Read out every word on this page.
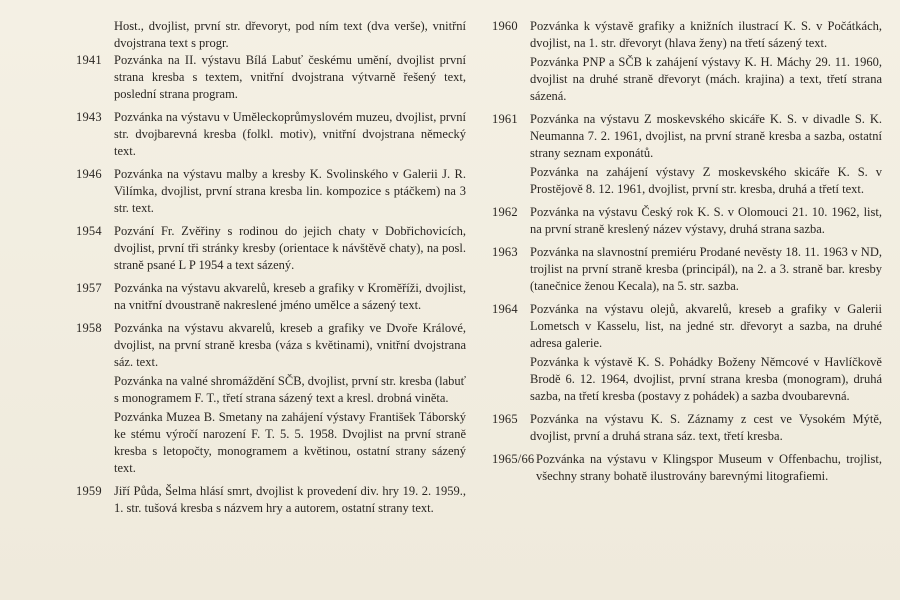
Host., dvojlist, první str. dřevoryt, pod ním text (dva verše), vnitřní dvojstrana text s progr.

1941 Pozvánka na II. výstavu Bílá Labuť českému umění, dvojlist první strana kresba s textem, vnitřní dvojstrana výtvarně řešený text, poslední strana program.

1943 Pozvánka na výstavu v Uměleckoprůmyslovém muzeu, dvojlist, první str. dvojbarevná kresba (folkl. motiv), vnitřní dvojstrana německý text.

1946 Pozvánka na výstavu malby a kresby K. Svolinského v Galerii J. R. Vilímka, dvojlist, první strana kresba lin. kompozice s ptáčkem) na 3 str. text.

1954 Pozvání Fr. Zvěřiny s rodinou do jejich chaty v Dobřichovicích, dvojlist, první tři stránky kresby (orientace k návštěvě chaty), na posl. straně psané L P 1954 a text sázený.

1957 Pozvánka na výstavu akvarelů, kreseb a grafiky v Kroměříži, dvojlist, na vnitřní dvoustraně nakreslené jméno umělce a sázený text.

1958 Pozvánka na výstavu akvarelů, kreseb a grafiky ve Dvoře Králové, dvojlist, na první straně kresba (váza s květinami), vnitřní dvojstrana sáz. text.

Pozvánka na valné shromáždění SČB, dvojlist, první str. kresba (labuť s monogramem F. T., třetí strana sázený text a kresl. drobná viněta.

Pozvánka Muzea B. Smetany na zahájení výstavy František Táborský ke stému výročí narození F. T. 5. 5. 1958. Dvojlist na první straně kresba s letopočty, monogramem a květinou, ostatní strany sázený text.

1959 Jiří Půda, Šelma hlásí smrt, dvojlist k provedení div. hry 19. 2. 1959., 1. str. tušová kresba s názvem hry a autorem, ostatní strany text.

1960 Pozvánka k výstavě grafiky a knižních ilustrací K. S. v Počátkách, dvojlist, na 1. str. dřevoryt (hlava ženy) na třetí sázený text.

Pozvánka PNP a SČB k zahájení výstavy K. H. Máchy 29. 11. 1960, dvojlist na druhé straně dřevoryt (mách. krajina) a text, třetí strana sázená.

1961 Pozvánka na výstavu Z moskevského skicáře K. S. v divadle S. K. Neumanna 7. 2. 1961, dvojlist, na první straně kresba a sazba, ostatní strany seznam exponátů.

Pozvánka na zahájení výstavy Z moskevského skicáře K. S. v Prostějově 8. 12. 1961, dvojlist, první str. kresba, druhá a třetí text.

1962 Pozvánka na výstavu Český rok K. S. v Olomouci 21. 10. 1962, list, na první straně kreslený název výstavy, druhá strana sazba.

1963 Pozvánka na slavnostní premiéru Prodané nevěsty 18. 11. 1963 v ND, trojlist na první straně kresba (principál), na 2. a 3. straně bar. kresby (tanečnice ženou Kecala), na 5. str. sazba.

1964 Pozvánka na výstavu olejů, akvarelů, kreseb a grafiky v Galerii Lometsch v Kasselu, list, na jedné str. dřevoryt a sazba, na druhé adresa galerie.

Pozvánka k výstavě K. S. Pohádky Boženy Němcové v Havlíčkově Brodě 6. 12. 1964, dvojlist, první strana kresba (monogram), druhá sazba, na třetí kresba (postavy z pohádek) a sazba dvoubarevná.

1965 Pozvánka na výstavu K. S. Záznamy z cest ve Vysokém Mýtě, dvojlist, první a druhá strana sáz. text, třetí kresba.

1965/66 Pozvánka na výstavu v Klingspor Museum v Offenbachu, trojlist, všechny strany bohatě ilustrovány barevnými litografiemi.
